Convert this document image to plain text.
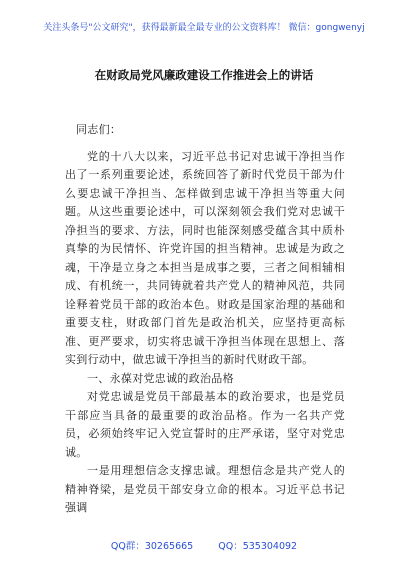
关注头条号"公文研究"，获得最新最全最专业的公文资料库！ 微信：gongwenyj
在财政局党风廉政建设工作推进会上的讲话

同志们：

党的十八大以来，习近平总书记对忠诚干净担当作出了一系列重要论述，系统回答了新时代党员干部为什么要忠诚干净担当、怎样做到忠诚干净担当等重大问题。从这些重要论述中，可以深刻领会我们党对忠诚干净担当的要求、方法，同时也能深刻感受蕴含其中质朴真挚的为民情怀、许党许国的担当精神。忠诚是为政之魂，干净是立身之本担当是成事之要，三者之间相辅相成、有机统一，共同铸就着共产党人的精神风范，共同诠释着党员干部的政治本色。财政是国家治理的基础和重要支柱，财政部门首先是政治机关，应坚持更高标准、更严要求，切实将忠诚干净担当体现在思想上、落实到行动中，做忠诚干净担当的新时代财政干部。

一、永葆对党忠诚的政治品格

对党忠诚是党员干部最基本的政治要求，也是党员干部应当具备的最重要的政治品格。作为一名共产党员，必须始终牢记入党宣誓时的庄严承诺，坚守对党忠诚。

一是用理想信念支撑忠诚。理想信念是共产党人的精神脊梁，是党员干部安身立命的根本。习近平总书记强调

QQ群：30265665	QQ：535304092
